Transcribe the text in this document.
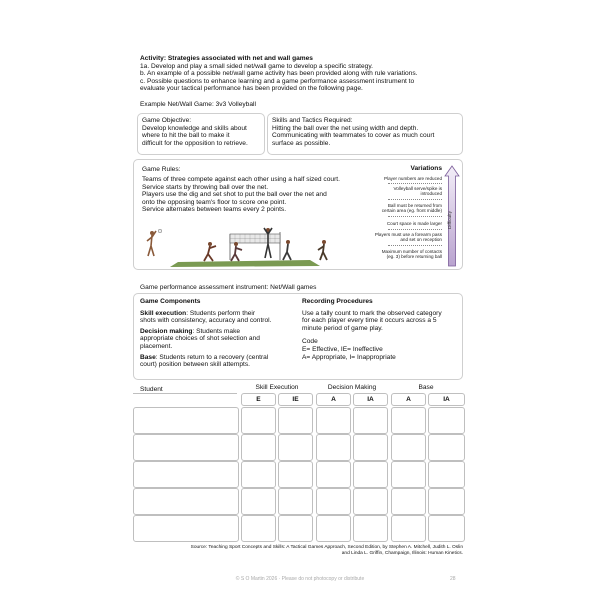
Activity: Strategies associated with net and wall games
1a. Develop and play a small sided net/wall game to develop a specific strategy.
b. An example of a possible net/wall game activity has been provided along with rule variations.
c. Possible questions to enhance learning and a game performance assessment instrument to
evaluate your tactical performance has been provided on the following page.
Example Net/Wall Game: 3v3 Volleyball
Game Objective:
Develop knowledge and skills about
where to hit the ball to make it
difficult for the opposition to retrieve.
Skills and Tactics Required:
Hitting the ball over the net using width and depth.
Communicating with teammates to cover as much court
surface as possible.
Game Rules:
Teams of three compete against each other using a half sized court.
Service starts by throwing ball over the net.
Players use the dig and set shot to put the ball over the net and
onto the opposing team's floor to score one point.
Service alternates between teams every 2 points.
Variations
Player numbers are reduced
Volleyball serve/spike is
introduced
Ball must be returned from
certain area (eg. front middle)
Court space is made larger
Players must use a forearm pass
and set on reception
Maximum number of contacts
(eg. 3) before returning ball
Difficulty
Game performance assessment instrument: Net/Wall games
Game Components
Skill execution: Students perform their
shots with consistency, accuracy and control.
Decision making: Students make
appropriate choices of shot selection and
placement.
Base: Students return to a recovery (central
court) position between skill attempts.
Recording Procedures
Use a tally count to mark the observed category
for each player every time it occurs across a 5
minute period of game play.
Code
E= Effective, IE= Ineffective
A= Appropriate, I= Inappropriate
Student	Skill Execution	Decision Making	Base
E	IE	A	IA	A	IA
Source: Teaching Sport Concepts and Skills: A Tactical Games Approach, Second Edition, by Stephen A. Mitchell, Judith L. Oslin
and Linda L. Griffin, Champaign, Illinois: Human Kinetics.
© S O Martin 2026 · Please do not photocopy or distribute	28
